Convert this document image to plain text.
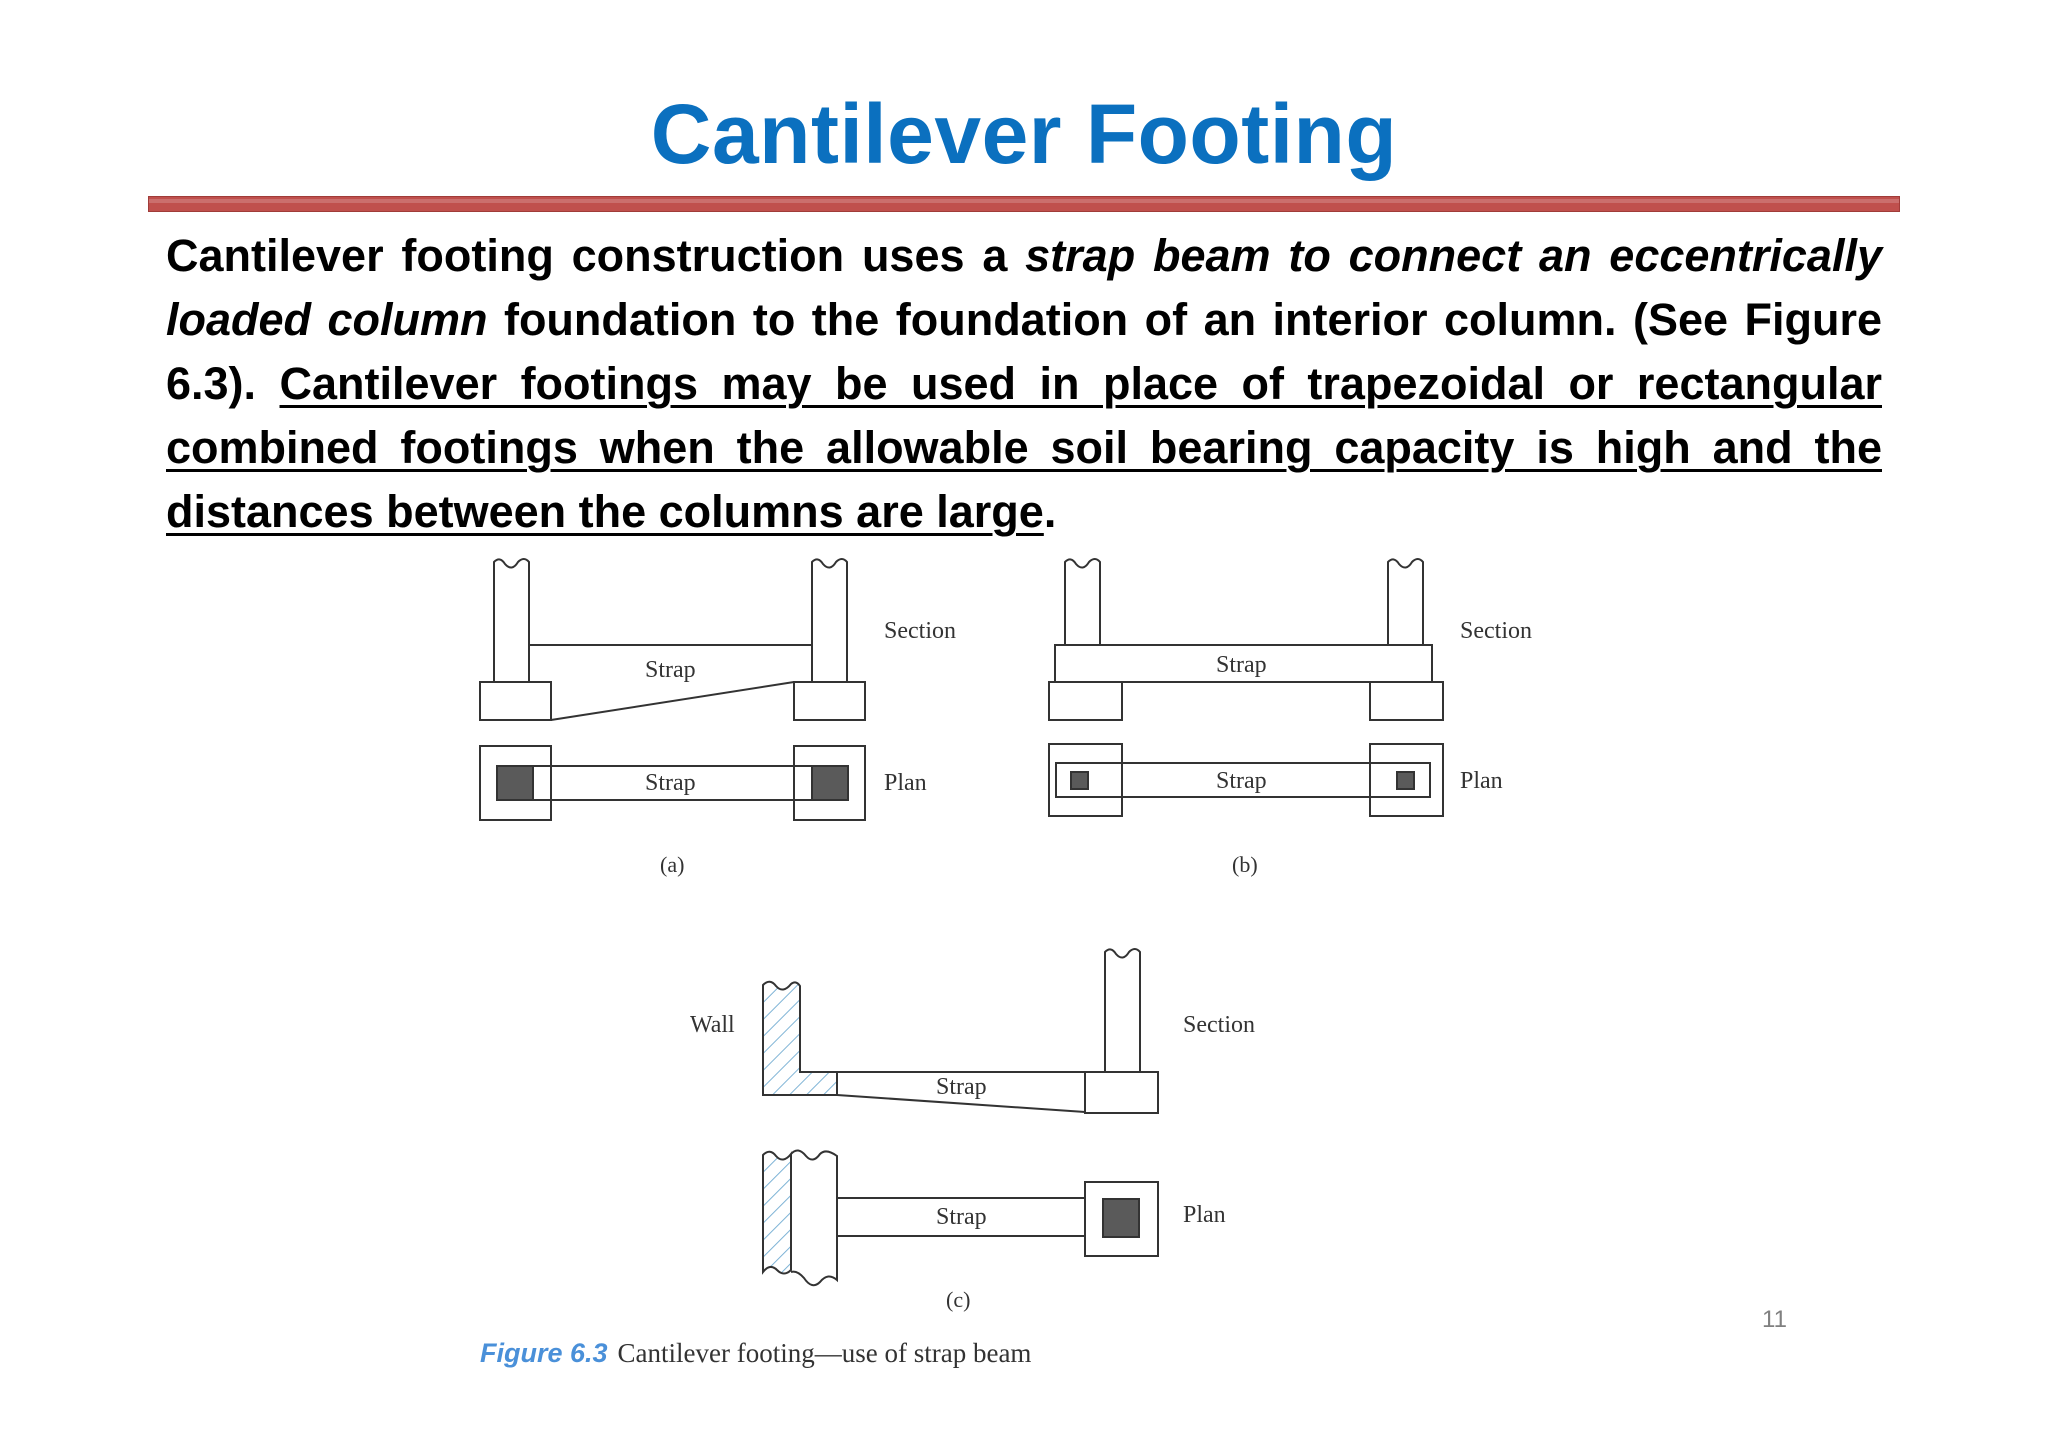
Cantilever Footing

Cantilever footing construction uses a strap beam to connect an eccentrically loaded column foundation to the foundation of an interior column. (See Figure 6.3). Cantilever footings may be used in place of trapezoidal or rectangular combined footings when the allowable soil bearing capacity is high and the distances between the columns are large.

Strap
Strap
Section
Plan
(a)
Strap
Strap
Section
Plan
(b)
Wall
Strap
Strap
Section
Plan
(c)

Figure 6.3 Cantilever footing—use of strap beam

11
